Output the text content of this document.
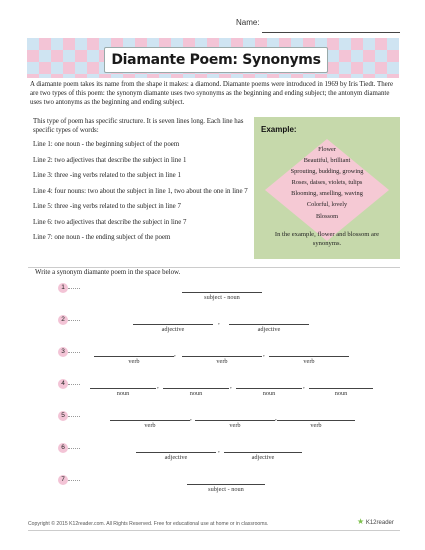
Name:
Diamante Poem: Synonyms
A diamante poem takes its name from the shape it makes: a diamond. Diamante poems were introduced in 1969 by Iris Tiedt. There are two types of this poem: the synonym diamante uses two synonyms as the beginning and ending subject; the antonym diamante uses two antonyms as the beginning and ending subject.

This type of poem has specific structure. It is seven lines long. Each line has specific types of words:

Line 1: one noun - the beginning subject of the poem
Line 2: two adjectives that describe the subject in line 1
Line 3: three -ing verbs related to the subject in line 1
Line 4: four nouns: two about the subject in line 1, two about the one in line 7
Line 5: three -ing verbs related to the subject in line 7
Line 6: two adjectives that describe the subject in line 7
Line 7: one noun - the ending subject of the poem
Example:
Flower
Beautiful, brilliant
Sprouting, budding, growing
Roses, daises, violets, tulips
Blooming, smelling, waving
Colorful, lovely
Blossom
In the example, flower and blossom are synonyms.
Write a synonym diamante poem in the space below.
1
subject - noun
2
adjective
,
adjective
3
verb
,
verb
,
verb
4
noun
,
noun
,
noun
,
noun
5
verb
,
verb
,
verb
6
adjective
,
adjective
7
subject - noun
Copyright © 2015 K12reader.com. All Rights Reserved. Free for educational use at home or in classrooms.	★ K12reader
